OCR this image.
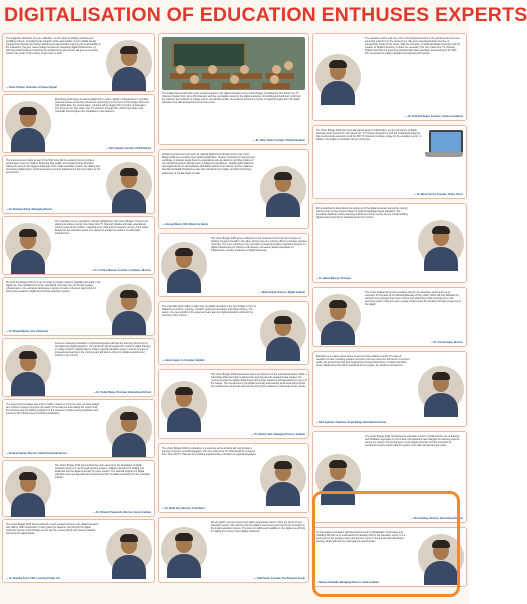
DIGITALISATION OF EDUCATION ENTHUSES EXPERTS
The budgetary allocation for your realisation, on the whole of knitting, teaching and upskilling citizens. Considering the situation of the vast swaths of your unfolds greatly impacted the forecast and further attaching job opportunities fostering the employability of the collections, the govt. saves budget focused on integrating digital infrastructure, by offering professionals and nurturing the initiatives the government will give an immense boost to the youth of the country to get better in work.
— Paras Pandey, Chairman of Grapes Digital
Embracing technology as well as digital hub in centre, digital in infrastructure in a mobile-powered lecture across the schools are upcoming in to the focus of the budget. Moreover with digital data, the central vision, students will be taught with a number of languages. The focus on the 'One class, One TV Channel' through PM e-VIDYA and other such proposals will strengthen the capabilities of the teachers.
— Jatin Sanwal, Founder, KGB Eduinfra
The announcement made as part of the Pilot force will be certainly help to provide a world-class content to children delivering high-quality and supplementing education. Taking into account the biggest challenge of the Indian education system, the skilling and developing digital sector, investments and economic advancement has been taken by the government.
— Dr. Sandeep Singh, Managing Director
The important pivot in education is stands highlighting in the Union Budget. Those in the digital universities and the One Class One TV Channel initiative will make educational content reach all the children, reaching every child and the deepest corners of the nation. Budget for the education sector is in various to enable the creation of world-class infrastructure.
— Dr. Krishna Sharma, Founder of Vedantu, Director
We think the Budget 2022 is a box of model to prepare India for upskilling demands in the digital era. The establishment of the new Digital University, the Lok Pil and creative infrastructure in the education landscape is going to create to the level playing field. A great move towards a digital and inclusive education system.
— Dr. Shyam Menon, Vice Chancellor
Focus on delivering education in regional languages will help the learning community by strengthening digital education. The pandemic has throughout the needs of digital learning to create content in additionally for India's regional education system, and the process of transactional learning in the coming years will also be driven by digital education and training in the country.
— Dr. Vishal Talwar, Principal, International School
The government's budget saw a flow of skills' measures. From the past, we have looked at a number of steps to improve the quality of the learners and making the centre of all the schemes and the skilling programs for the students to build a strong foundation and improving the infrastructure of teaching institutions.
— Pradeep Kumar, Director, Kalindi Technical Service
The Union Budget 2022 has touched the main element for the foundation of digital education and put on all through learning systems. Digital ecosystem for skilling and livelihood and the digital university for every student. The national program for digital education and new age skills and inspiring teachers to adapt innovations for the education industry.
— Dr. Shivani Chaturvedi, Director, Career Institute
The Union Budget 2022 has provided the much-needed impetus to the digital education and skilling. With introduction of many plans for students, and through the digital channels, and the Union Budget we can say the country will join the journey towards becoming the digital leader.
— Dr. Deepika Sood, CEO, Learning Private Ltd
The budget has provided the much-needed impetus to the digital education in the Union Budget, providing the One Class One TV Channel program from 12 to 200 channels, and the new digital university, the digital ecosystem for skilling and livelihood. It will help the teachers and students to a large extent, and will also enable the students across the country to upskill and gain from the digital education and skill development across the sector.
— Dr. Vikas Yadav, Founder, Global Education
Ambitious announcements such as national Digital Youth Employment in the Union Budget 2022 are a positive step towards digitization. Greater investment in learning and exchange of analysis would have the potential as well as platforms. E-Vidya policies of our educational and its effectiveness in Indigenous Academia – Digital health platforms and digital identity for all healthcare affordable treatment for citizens. Further, National Tele Mental Health Programme was also included in the budget, and that could bring awareness of mental health in India.
— Anurag Dhami, CEO, Maxim by Hands
The Union Budget 2022 gives confidence to the business community as it focuses on building stronger strength in the value driving more ties and the efforts to increase people's response. The Govt. working on the promotion of supporting higher structures focused on digital infrastructure for citizens of all classes, increased capital expenditure on infrastructure, and the expansion of digital payments.
— Rahul Gupta, Director, Digital Institute
The most fitting that makes a major step on digital education is the new budget in form of National universities, granting, research works and innovation and online training. The sector - the new growth for the expected years ago and digital education will boost the economy of the country.
— Aarav Gupta, Co-Founder, EduHub
The Union Budget 2022 announced, was a for welcome for the educational sector. While it has finally addressed and recognized the learning loss the pandemic has created, the need to develop the digital infrastructure and human resources will adequately be put on in the budget. The investments in the digital university and learning at all levels will promote the enhancement of access and learning among the students in rural areas of the country.
— Dr. Manish Jain, Managing Director, Institute
The Union Budget 2022 for education is a welcome as the schools will now provide e-learning content in several languages. The One Class One TV Channel will be improved from 12 to 200 TV channels for providing supplementary education in regional languages.
— Dr. Rohit Jain, Director, Foundation
We are glad to see the government taking progressive steps to have the whole of new education system. We welcome the formulation and recommend that the all innovation in the Indian education system. The focus on skilling and reskilling in the digital era will help in making the country more digitally advanced.
— Vidit Pande, Founder, The Blueprint Group
The education sector was one of the most impacted sectors in the pandemic and we were expecting support from the Government. We were expecting flexible and free of bureaucratic model in this sector. With the formation of 'National Digital University' and the creation of Digital University, it shows the necessity. The One Class One TV Channel, Digital University is a great step towards high-class education and learning for all. With this, the access to quality education and learning will improve.
— Dr. Avnindra Kapur, Founder, Universe Academy
The Union Budget 2022 has much fast-paced ideas in E-Education, as the importance of digital education and investments. One Class One TV Channel programme with the multilingual channels that would provide education to all the 200 TV channels provides a huge for the education sector. In addition, the quality of education will go a long way.
— Dr. Manoj Verma, Founder, Online Tutors
We're delighted to know about the setting up of the digital university across the country, and the focus on the implementation of regional language-based education. The innovative digital and online learning environment in the country is sure to help building digital content learning for students across the country.
— Dr. Hitesh Maurya, Principal
The Union budget has proved a positive step for the education sector and it is an extension of the ideas of the National Education Policy 2020, which will help facilitate the students and empower their lives in future and shall bring a high development in the upcoming years. It has now seen a great enhancement of education through a huge use of the digital.
— Dr. Arvind Gupta, Director
Education is a unique sector where investment has multiple benefits. The idea of education is often a leading question and how much we invest into this sector to improve quality, the government has also targeted the strong infrastructure in India's education sector. Digital university will be beneficial for the people, the students and learners.
— Ravi Agarwal, Chairman, Royal Bridge International School
The Union Budget 2022 recognizes the education system of India and the role of learning and facilitation especially in a time when the pandemic has changed the learning systems across the country. The strong focus on the digital university and the promotion of vocational courses would make the system more skill-oriented and job-ready.
— Preeti Dubey, Director, International School
As the budget encourages, skill development and to digitalisation, Technology and Upskilling will help us to understand the paradigm shift in the education sector. It is a great step for the people to learn and become expert in the domain with skill-based learning, which will help the youth gain job opportunities.
— Naveen Sarbadhi, Managing Director, Globe Institute
